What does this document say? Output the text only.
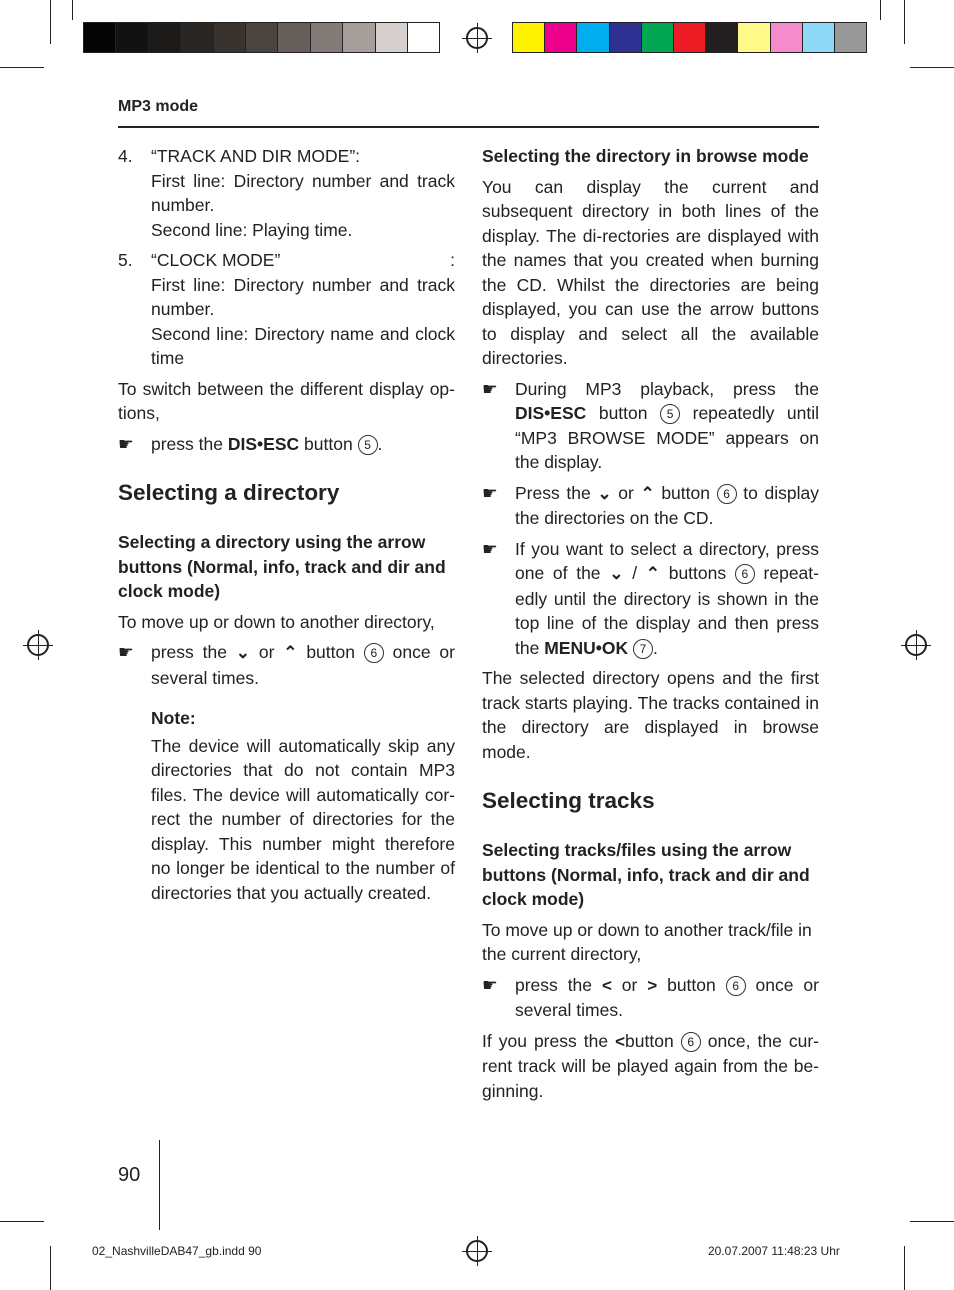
MP3 mode
4. “TRACK AND DIR MODE”:

First line: Directory number and track number.

Second line: Playing time.

5. “CLOCK MODE”	:

First line: Directory number and track number.

Second line: Directory name and clock time

To switch between the different display op-tions,

☛ press the DIS•ESC button 5 .

Selecting a directory

Selecting a directory using the arrow buttons (Normal, info, track and dir and clock mode)

To move up or down to another directory,

☛ press the ⌄ or ⌃ button 6 once or several times.

Note:

The device will automatically skip any directories that do not contain MP3 files. The device will automatically cor-rect the number of directories for the display. This number might therefore no longer be identical to the number of directories that you actually created.

Selecting the directory in browse mode

You can display the current and subsequent directory in both lines of the display. The di-rectories are displayed with the names that you created when burning the CD. Whilst the directories are being displayed, you can use the arrow buttons to display and select all the available directories.

☛ During MP3 playback, press the DIS•ESC button 5 repeatedly until “MP3 BROWSE MODE” appears on the display.
☛ Press the ⌄ or ⌃ button 6 to display the directories on the CD.
☛ If you want to select a directory, press one of the ⌄ / ⌃ buttons 6 repeat-edly until the directory is shown in the top line of the display and then press the MENU•OK 7 .

The selected directory opens and the first track starts playing. The tracks contained in the directory are displayed in browse mode.

Selecting tracks

Selecting tracks/files using the arrow buttons (Normal, info, track and dir and clock mode)

To move up or down to another track/file in the current directory,

☛ press the < or > button 6 once or several times.

If you press the <button 6 once, the cur-rent track will be played again from the be-ginning.

90
02_NashvilleDAB47_gb.indd 90	20.07.2007 11:48:23 Uhr
